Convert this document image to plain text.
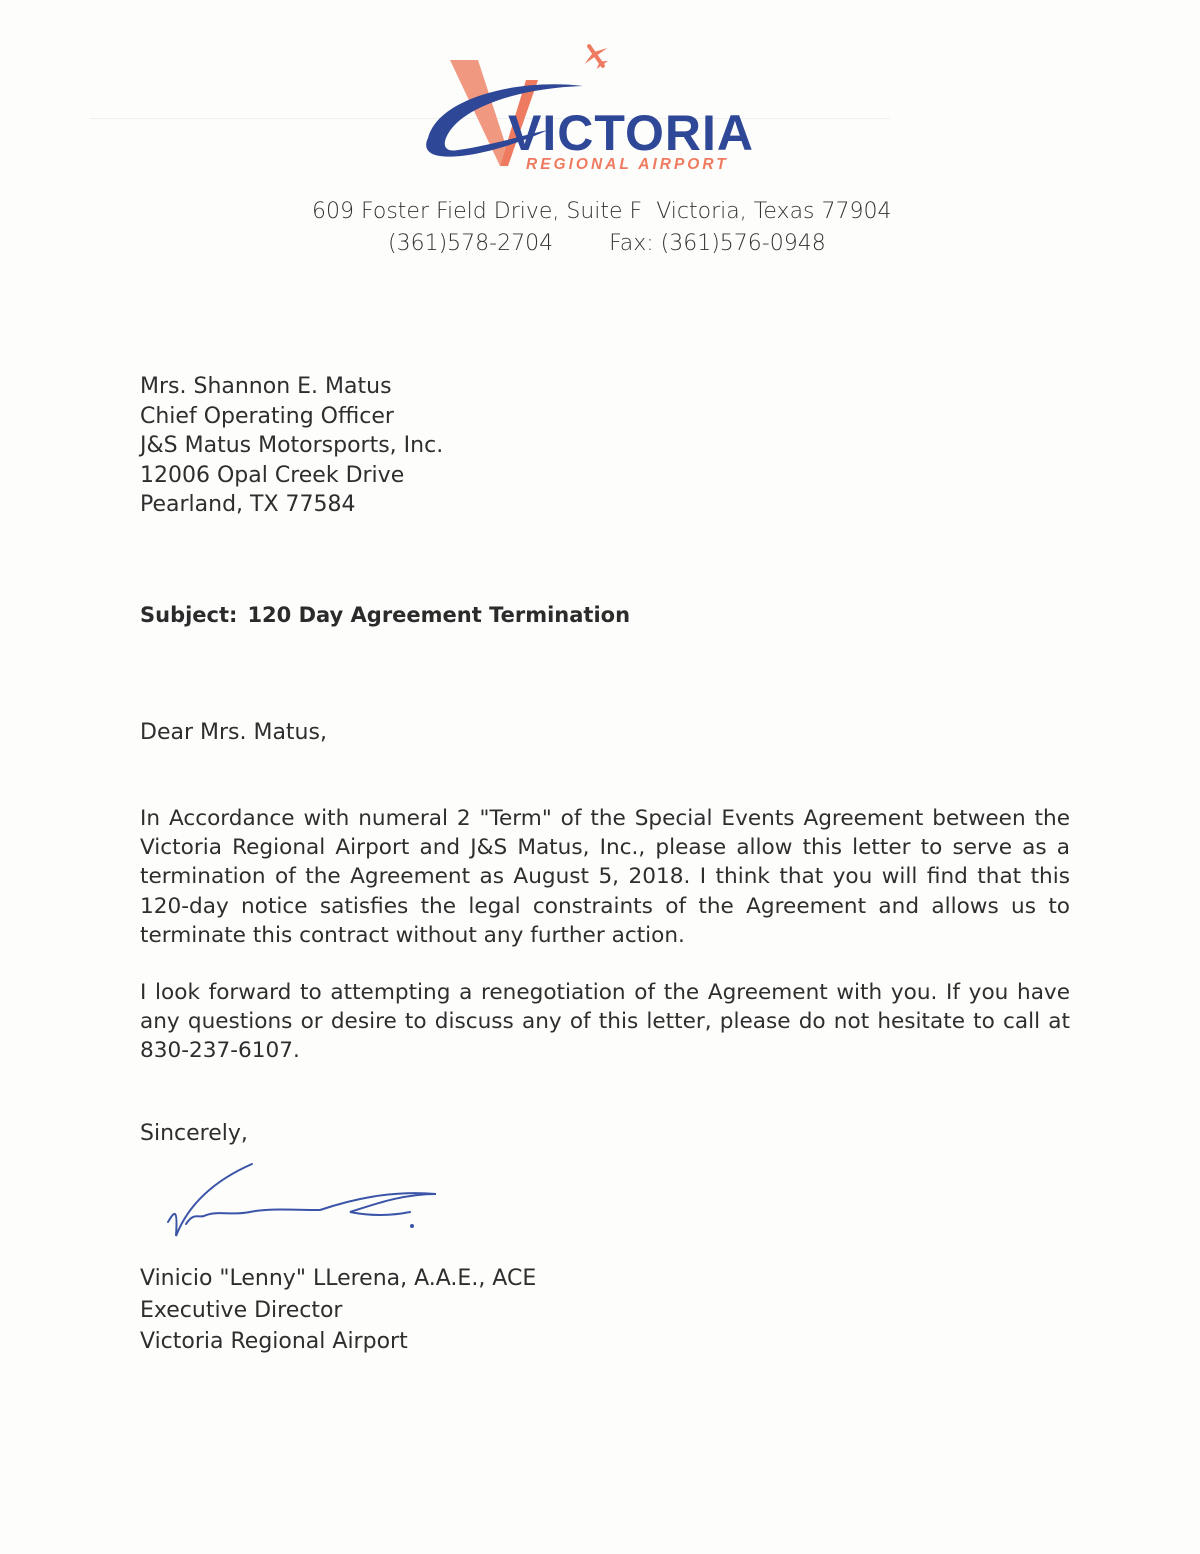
VICTORIA
REGIONAL AIRPORT
609 Foster Field Drive, Suite F Victoria, Texas 77904
(361)578-2704	Fax: (361)576-0948
Mrs. Shannon E. Matus
Chief Operating Officer
J&S Matus Motorsports, Inc.
12006 Opal Creek Drive
Pearland, TX 77584
Subject: 120 Day Agreement Termination
Dear Mrs. Matus,
In Accordance with numeral 2 "Term" of the Special Events Agreement between the Victoria Regional Airport and J&S Matus, Inc., please allow this letter to serve as a termination of the Agreement as August 5, 2018. I think that you will find that this 120-day notice satisfies the legal constraints of the Agreement and allows us to terminate this contract without any further action.
I look forward to attempting a renegotiation of the Agreement with you. If you have any questions or desire to discuss any of this letter, please do not hesitate to call at 830-237-6107.
Sincerely,
Vinicio "Lenny" LLerena, A.A.E., ACE
Executive Director
Victoria Regional Airport
